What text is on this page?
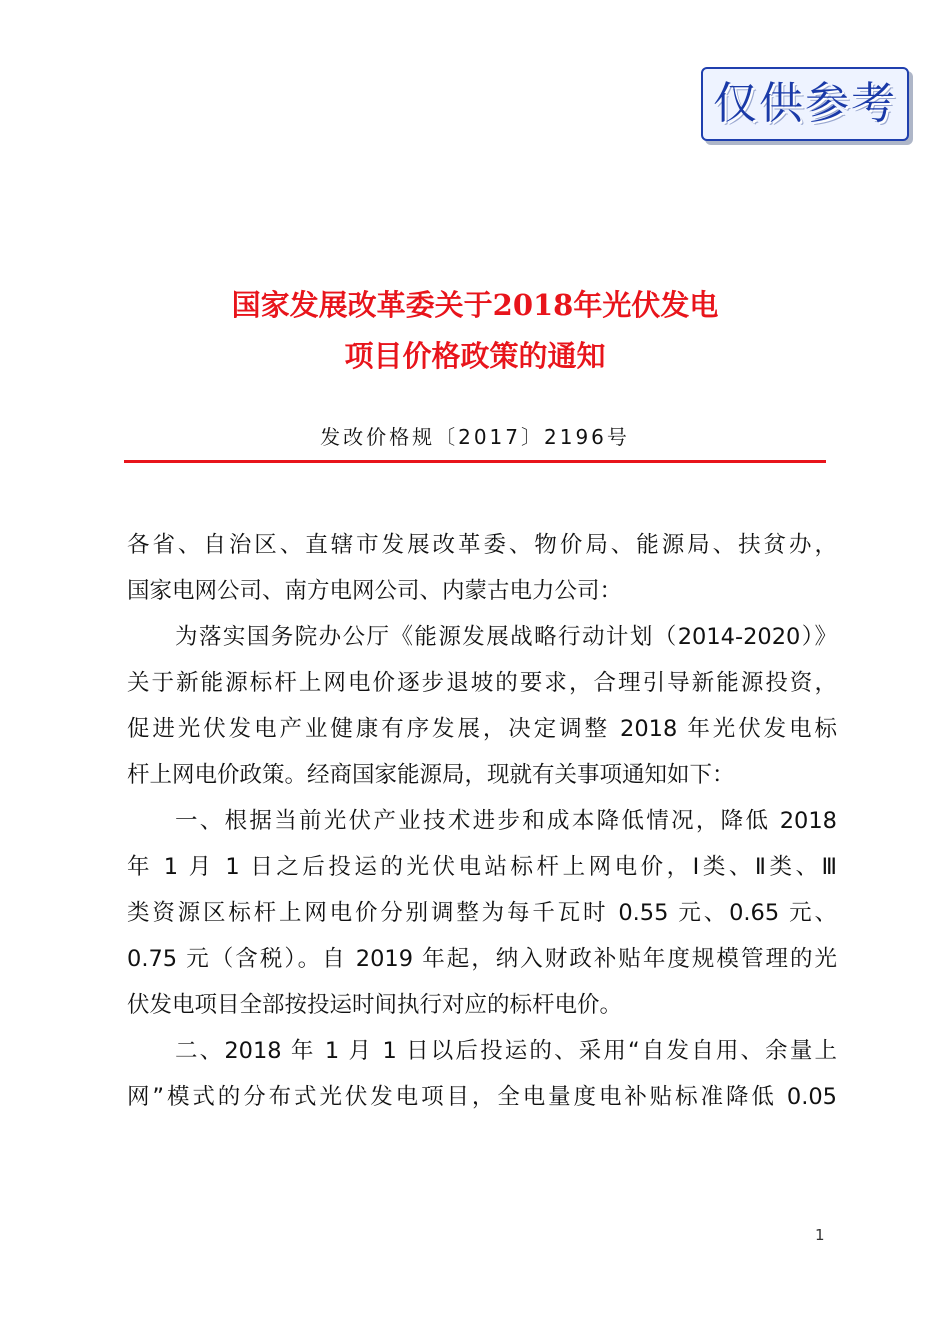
仅供参考
国家发展改革委关于2018年光伏发电
项目价格政策的通知
发改价格规〔2017〕2196号
各省、自治区、直辖市发展改革委、物价局、能源局、扶贫办，
国家电网公司、南方电网公司、内蒙古电力公司：
为落实国务院办公厅《能源发展战略行动计划（2014-2020）》
关于新能源标杆上网电价逐步退坡的要求，合理引导新能源投资，
促进光伏发电产业健康有序发展，决定调整 2018 年光伏发电标
杆上网电价政策。经商国家能源局，现就有关事项通知如下：
一、根据当前光伏产业技术进步和成本降低情况，降低 2018
年 1 月 1 日之后投运的光伏电站标杆上网电价，Ⅰ类、Ⅱ类、Ⅲ
类资源区标杆上网电价分别调整为每千瓦时 0.55 元、0.65 元、
0.75 元（含税）。自 2019 年起，纳入财政补贴年度规模管理的光
伏发电项目全部按投运时间执行对应的标杆电价。
二、2018 年 1 月 1 日以后投运的、采用“自发自用、余量上
网”模式的分布式光伏发电项目，全电量度电补贴标准降低 0.05
1
